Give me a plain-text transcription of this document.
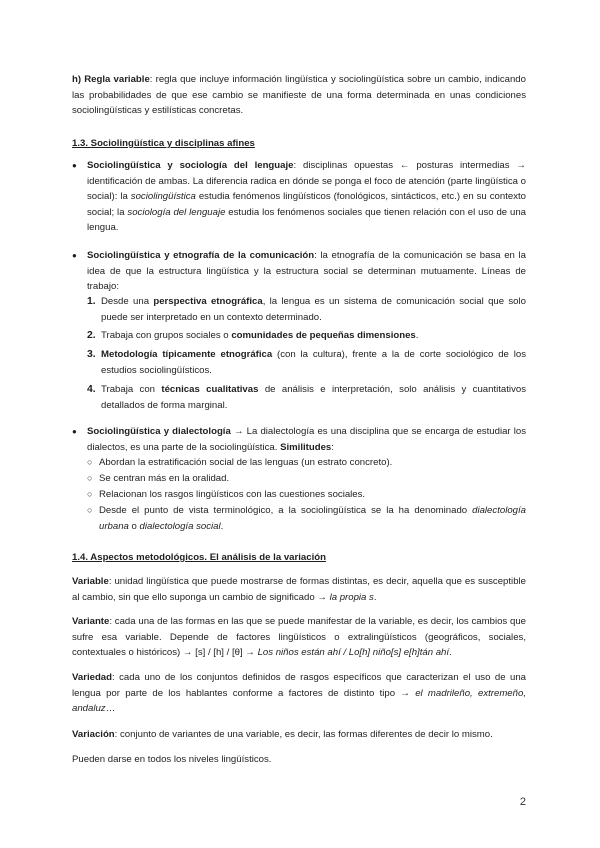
h) Regla variable: regla que incluye información lingüística y sociolingüística sobre un cambio, indicando las probabilidades de que ese cambio se manifieste de una forma determinada en unas condiciones sociolingüísticas y estilísticas concretas.

1.3. Sociolingüística y disciplinas afines

● Sociolingüística y sociología del lenguaje: disciplinas opuestas ← posturas intermedias → identificación de ambas. La diferencia radica en dónde se ponga el foco de atención (parte lingüística o social): la sociolingüística estudia fenómenos lingüísticos (fonológicos, sintácticos, etc.) en su contexto social; la sociología del lenguaje estudia los fenómenos sociales que tienen relación con el uso de una lengua.

● Sociolingüística y etnografía de la comunicación: la etnografía de la comunicación se basa en la idea de que la estructura lingüística y la estructura social se determinan mutuamente. Líneas de trabajo:

1. Desde una perspectiva etnográfica, la lengua es un sistema de comunicación social que solo puede ser interpretado en un contexto determinado.

2. Trabaja con grupos sociales o comunidades de pequeñas dimensiones.

3. Metodología típicamente etnográfica (con la cultura), frente a la de corte sociológico de los estudios sociolingüísticos.

4. Trabaja con técnicas cualitativas de análisis e interpretación, solo análisis y cuantitativos detallados de forma marginal.

● Sociolingüística y dialectología → La dialectología es una disciplina que se encarga de estudiar los dialectos, es una parte de la sociolingüística. Similitudes:

○ Abordan la estratificación social de las lenguas (un estrato concreto).

○ Se centran más en la oralidad.

○ Relacionan los rasgos lingüísticos con las cuestiones sociales.

○ Desde el punto de vista terminológico, a la sociolingüística se la ha denominado dialectología urbana o dialectología social.

1.4. Aspectos metodológicos. El análisis de la variación

Variable: unidad lingüística que puede mostrarse de formas distintas, es decir, aquella que es susceptible al cambio, sin que ello suponga un cambio de significado → la propia s.

Variante: cada una de las formas en las que se puede manifestar de la variable, es decir, los cambios que sufre esa variable. Depende de factores lingüísticos o extralingüísticos (geográficos, sociales, contextuales o históricos) → [s] / [h] / [θ] → Los niños están ahí / Lo[h] niño[s] e[h]tán ahí.

Variedad: cada uno de los conjuntos definidos de rasgos específicos que caracterizan el uso de una lengua por parte de los hablantes conforme a factores de distinto tipo → el madrileño, extremeño, andaluz…

Variación: conjunto de variantes de una variable, es decir, las formas diferentes de decir lo mismo.

Pueden darse en todos los niveles lingüísticos.

2
